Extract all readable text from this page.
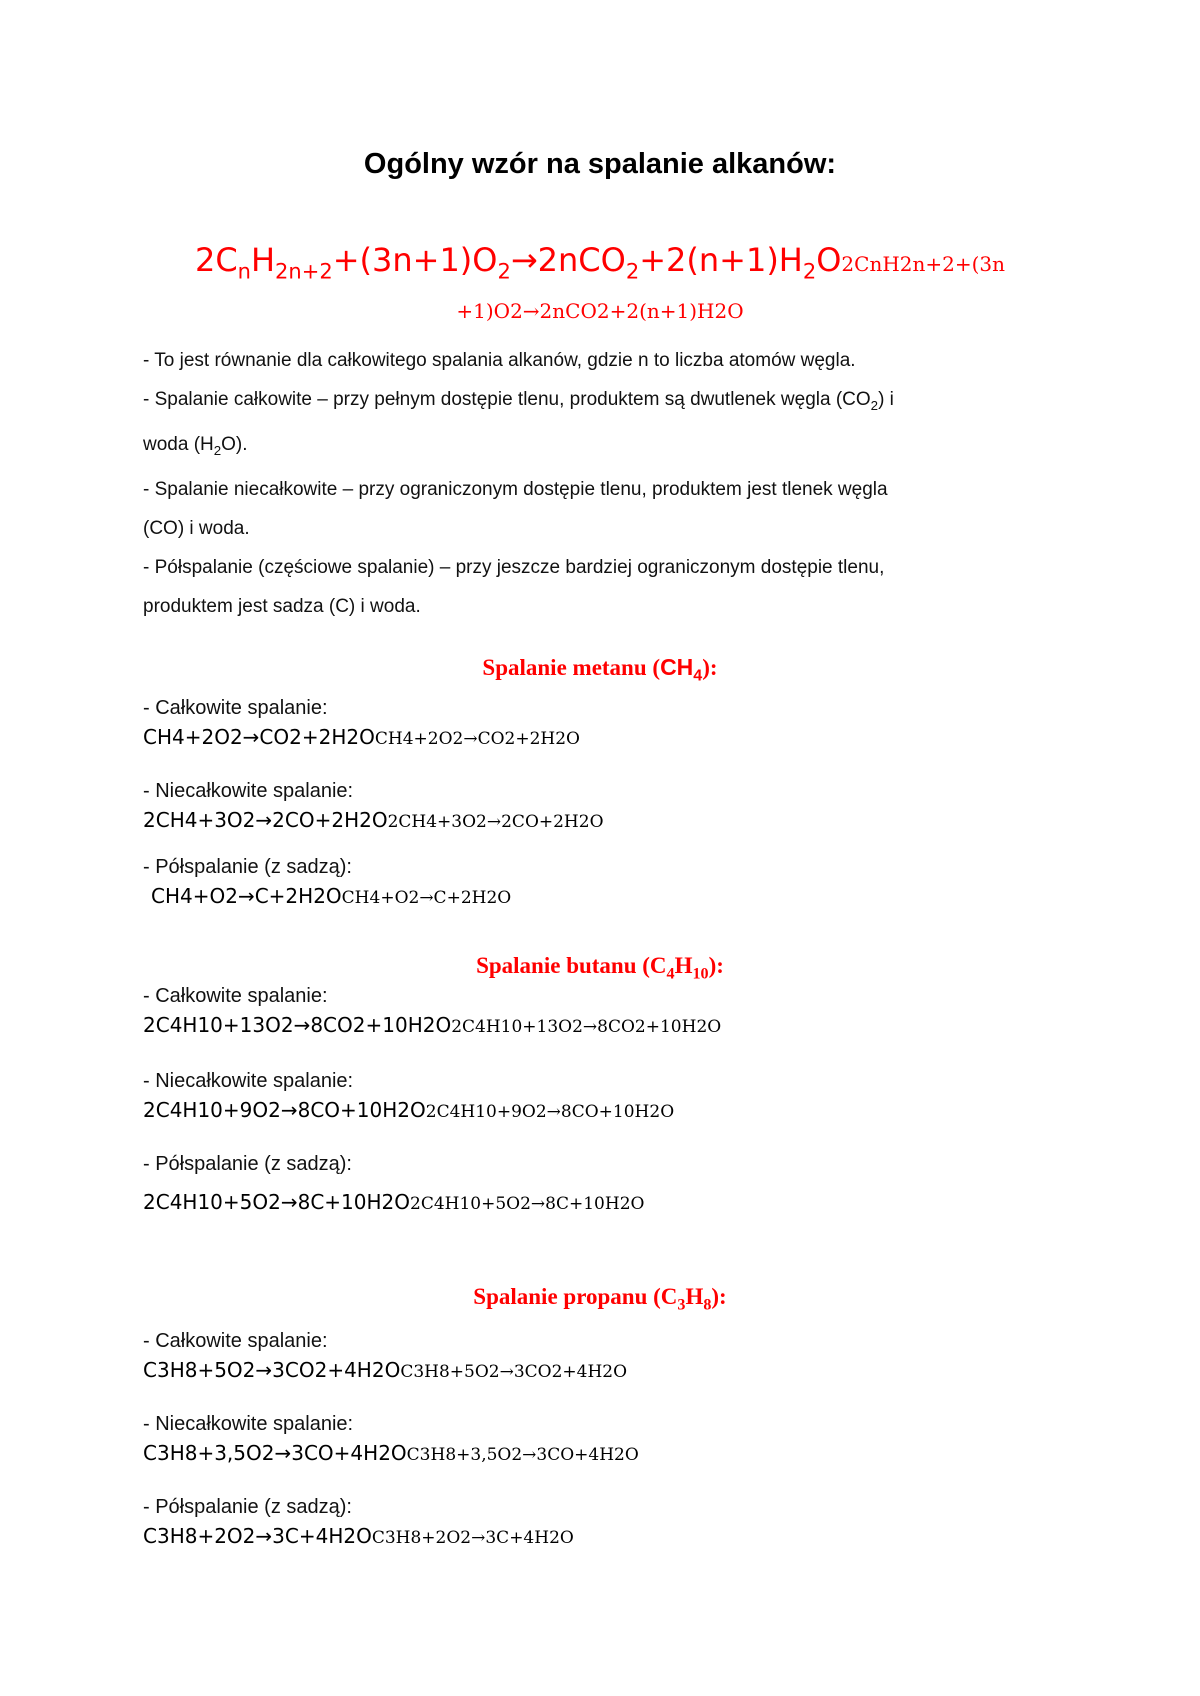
Ogólny wzór na spalanie alkanów:
$2C_nH_{2n+2}+(3n+1)O_2\to 2nCO_2+2(n+1)H_2O2CnH2n+2+(3n$
+1)O2→2nCO2+2(n+1)H2O

- To jest równanie dla całkowitego spalania alkanów, gdzie n to liczba atomów węgla.

- Spalanie całkowite – przy pełnym dostępie tlenu, produktem są dwutlenek węgla $(CO_2)$ i

woda $(H_2O)$.

- Spalanie niecałkowite – przy ograniczonym dostępie tlenu, produktem jest tlenek węgla

(CO) i woda.

- Półspalanie (częściowe spalanie) – przy jeszcze bardziej ograniczonym dostępie tlenu,

produktem jest sadza (C) i woda.

Spalanie metanu $(CH_4)$:
- Całkowite spalanie:
CH4+2O2→CO2+2H2OCH4+2O2→CO2+2H2O
- Niecałkowite spalanie:
2CH4+3O2→2CO+2H2O2CH4+3O2→2CO+2H2O
- Półspalanie (z sadzą):
CH4+O2→C+2H2OCH4+O2→C+2H2O
Spalanie butanu $(C_4H_{10})$:
- Całkowite spalanie:
2C4H10+13O2→8CO2+10H2O2C4H10+13O2→8CO2+10H2O
- Niecałkowite spalanie:
2C4H10+9O2→8CO+10H2O2C4H10+9O2→8CO+10H2O
- Półspalanie (z sadzą):
2C4H10+5O2→8C+10H2O2C4H10+5O2→8C+10H2O
Spalanie propanu $(C_3H_8)$:
- Całkowite spalanie:
C3H8+5O2→3CO2+4H2OC3H8+5O2→3CO2+4H2O
- Niecałkowite spalanie:
C3H8+3,5O2→3CO+4H2OC3H8+3,5O2→3CO+4H2O
- Półspalanie (z sadzą):
C3H8+2O2→3C+4H2OC3H8+2O2→3C+4H2O
